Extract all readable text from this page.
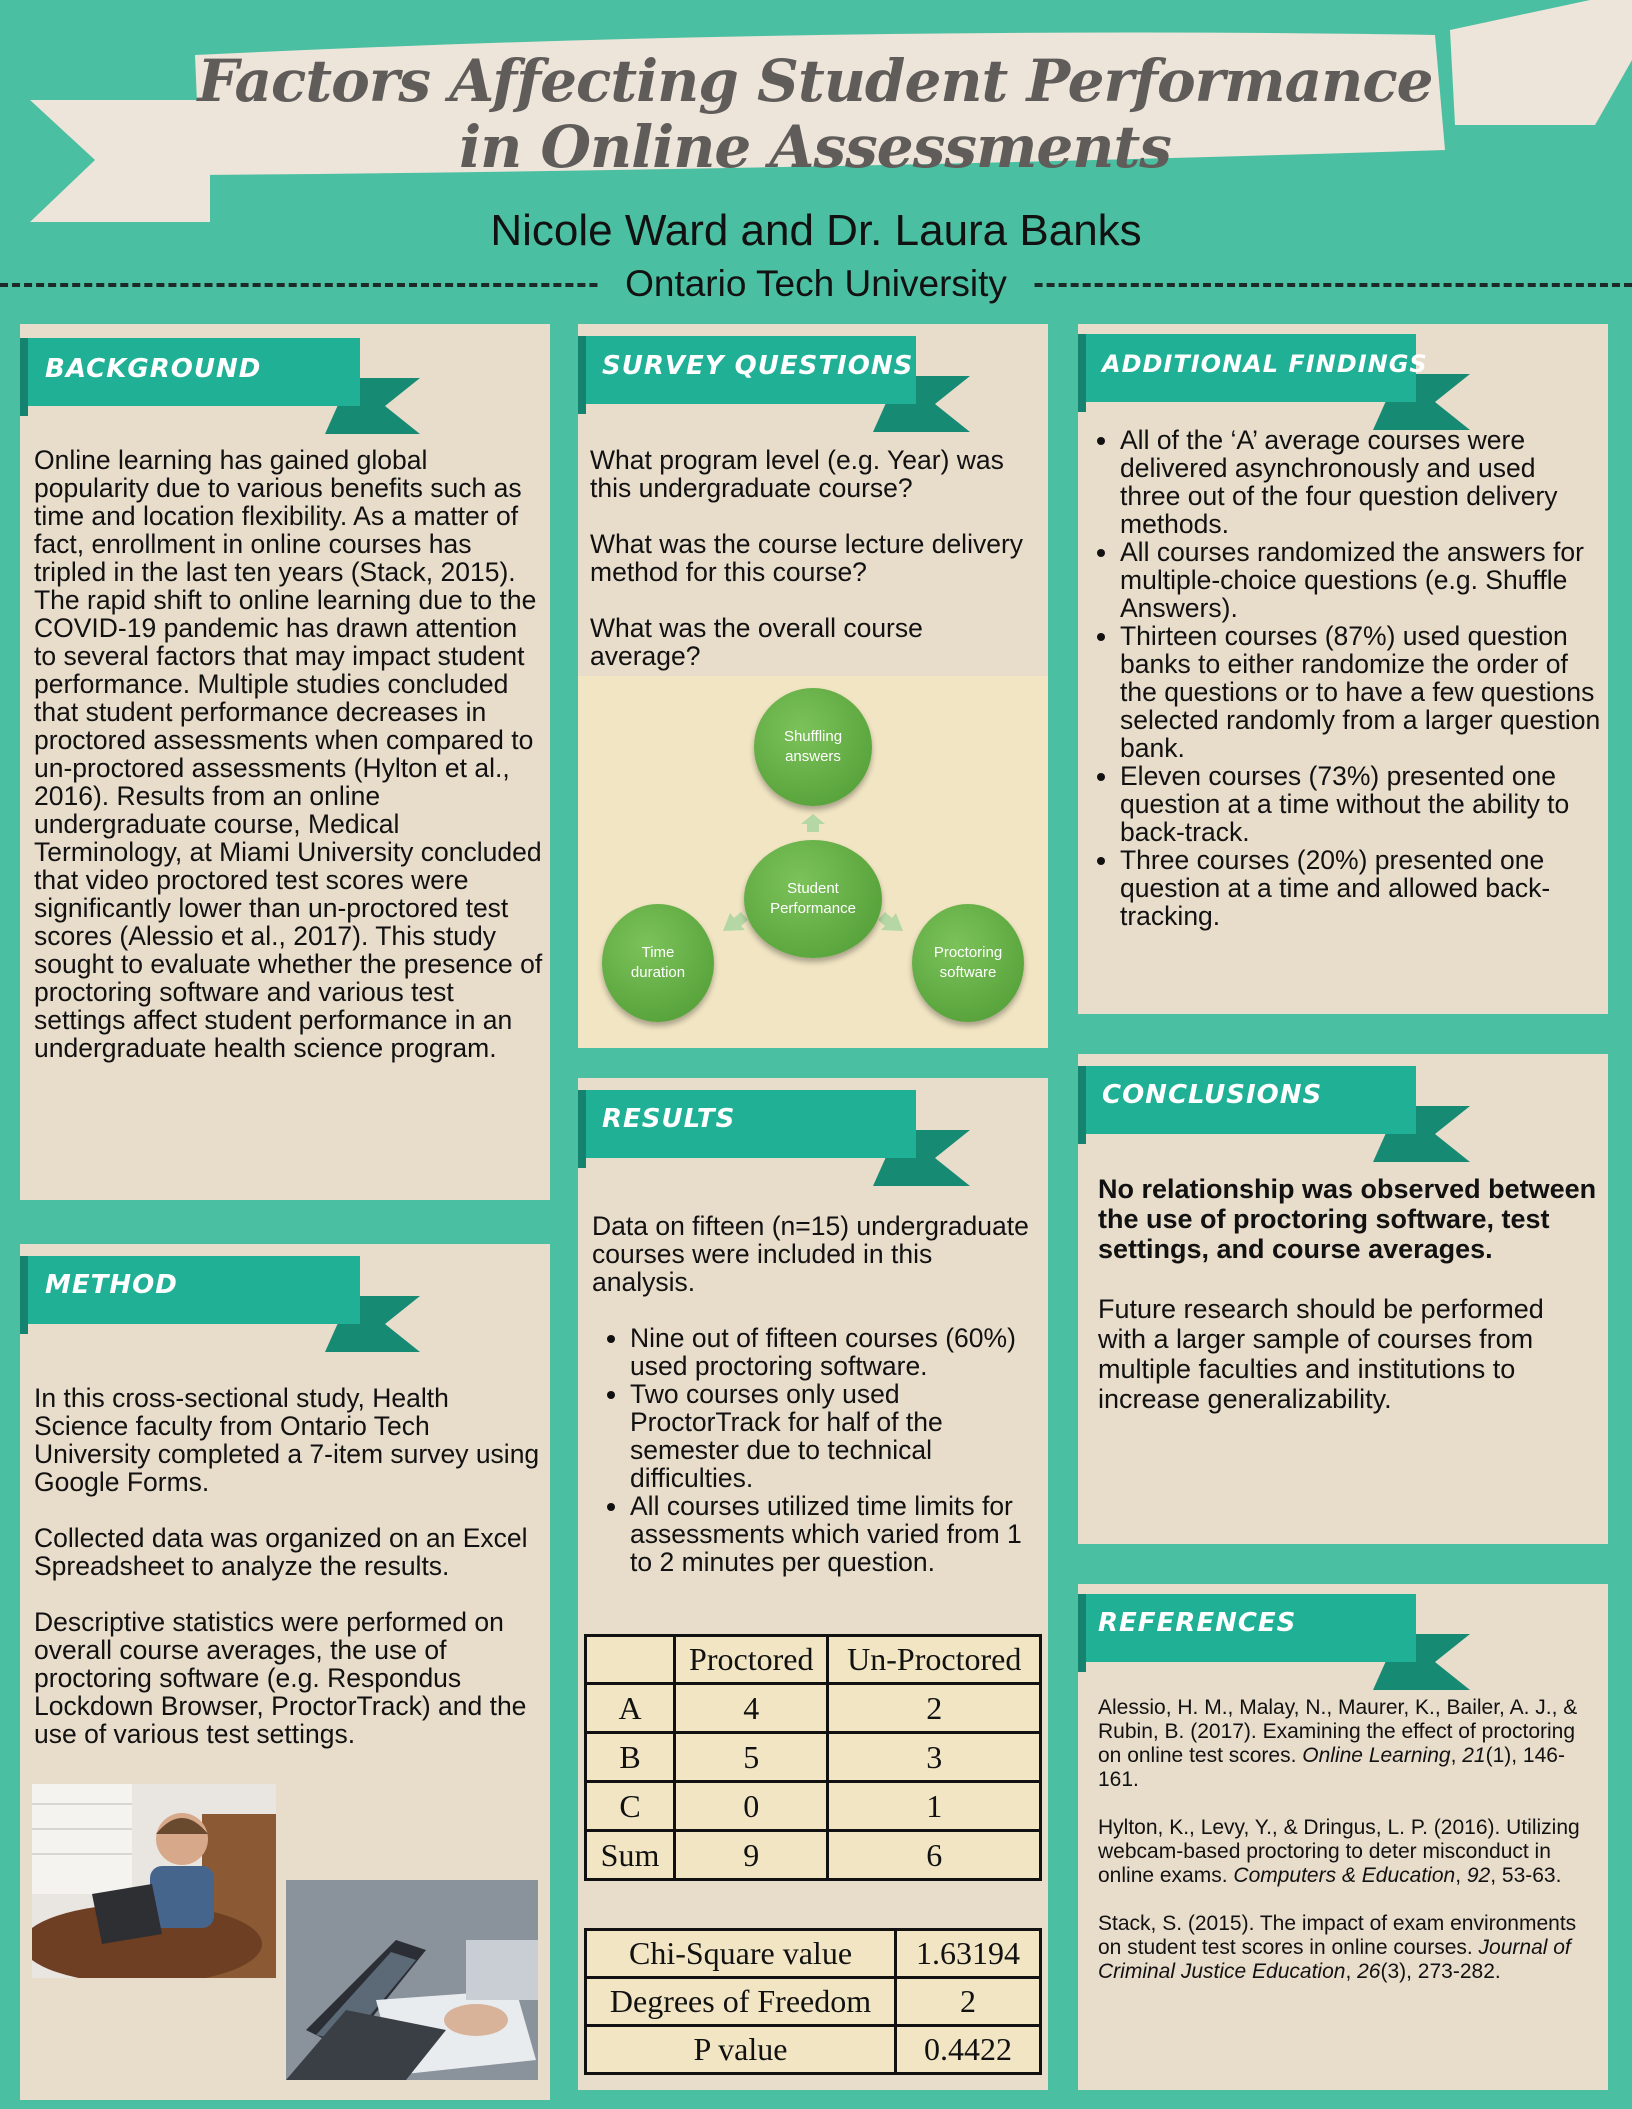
Factors Affecting Student Performance
in Online Assessments
Nicole Ward and Dr. Laura Banks
Ontario Tech University
BACKGROUND

Online learning has gained global popularity due to various benefits such as time and location flexibility. As a matter of fact, enrollment in online courses has tripled in the last ten years (Stack, 2015). The rapid shift to online learning due to the COVID-19 pandemic has drawn attention to several factors that may impact student performance. Multiple studies concluded that student performance decreases in proctored assessments when compared to un-proctored assessments (Hylton et al., 2016). Results from an online undergraduate course, Medical Terminology, at Miami University concluded that video proctored test scores were significantly lower than un-proctored test scores (Alessio et al., 2017). This study sought to evaluate whether the presence of proctoring software and various test settings affect student performance in an undergraduate health science program.

METHOD

In this cross-sectional study, Health Science faculty from Ontario Tech University completed a 7-item survey using Google Forms.

Collected data was organized on an Excel Spreadsheet to analyze the results.

Descriptive statistics were performed on overall course averages, the use of proctoring software (e.g. Respondus Lockdown Browser, ProctorTrack) and the use of various test settings.

SURVEY QUESTIONS

What program level (e.g. Year) was this undergraduate course?

What was the course lecture delivery method for this course?

What was the overall course average?

Shuffling answers
Student Performance
Time duration
Proctoring software
RESULTS

Data on fifteen (n=15) undergraduate courses were included in this analysis.

• Nine out of fifteen courses (60%) used proctoring software.
• Two courses only used ProctorTrack for half of the semester due to technical difficulties.
• All courses utilized time limits for assessments which varied from 1 to 2 minutes per question.
	Proctored	Un-Proctored
A	4	2
B	5	3
C	0	1
Sum	9	6
Chi-Square value	1.63194
Degrees of Freedom	2
P value	0.4422
ADDITIONAL FINDINGS
• All of the ‘A’ average courses were delivered asynchronously and used three out of the four question delivery methods.
• All courses randomized the answers for multiple-choice questions (e.g. Shuffle Answers).
• Thirteen courses (87%) used question banks to either randomize the order of the questions or to have a few questions selected randomly from a larger question bank.
• Eleven courses (73%) presented one question at a time without the ability to back-track.
• Three courses (20%) presented one question at a time and allowed back-tracking.
CONCLUSIONS

No relationship was observed between the use of proctoring software, test settings, and course averages.

Future research should be performed with a larger sample of courses from multiple faculties and institutions to increase generalizability.

REFERENCES

Alessio, H. M., Malay, N., Maurer, K., Bailer, A. J., & Rubin, B. (2017). Examining the effect of proctoring on online test scores. Online Learning, 21(1), 146-161.

Hylton, K., Levy, Y., & Dringus, L. P. (2016). Utilizing webcam-based proctoring to deter misconduct in online exams. Computers & Education, 92, 53-63.

Stack, S. (2015). The impact of exam environments on student test scores in online courses. Journal of Criminal Justice Education, 26(3), 273-282.
